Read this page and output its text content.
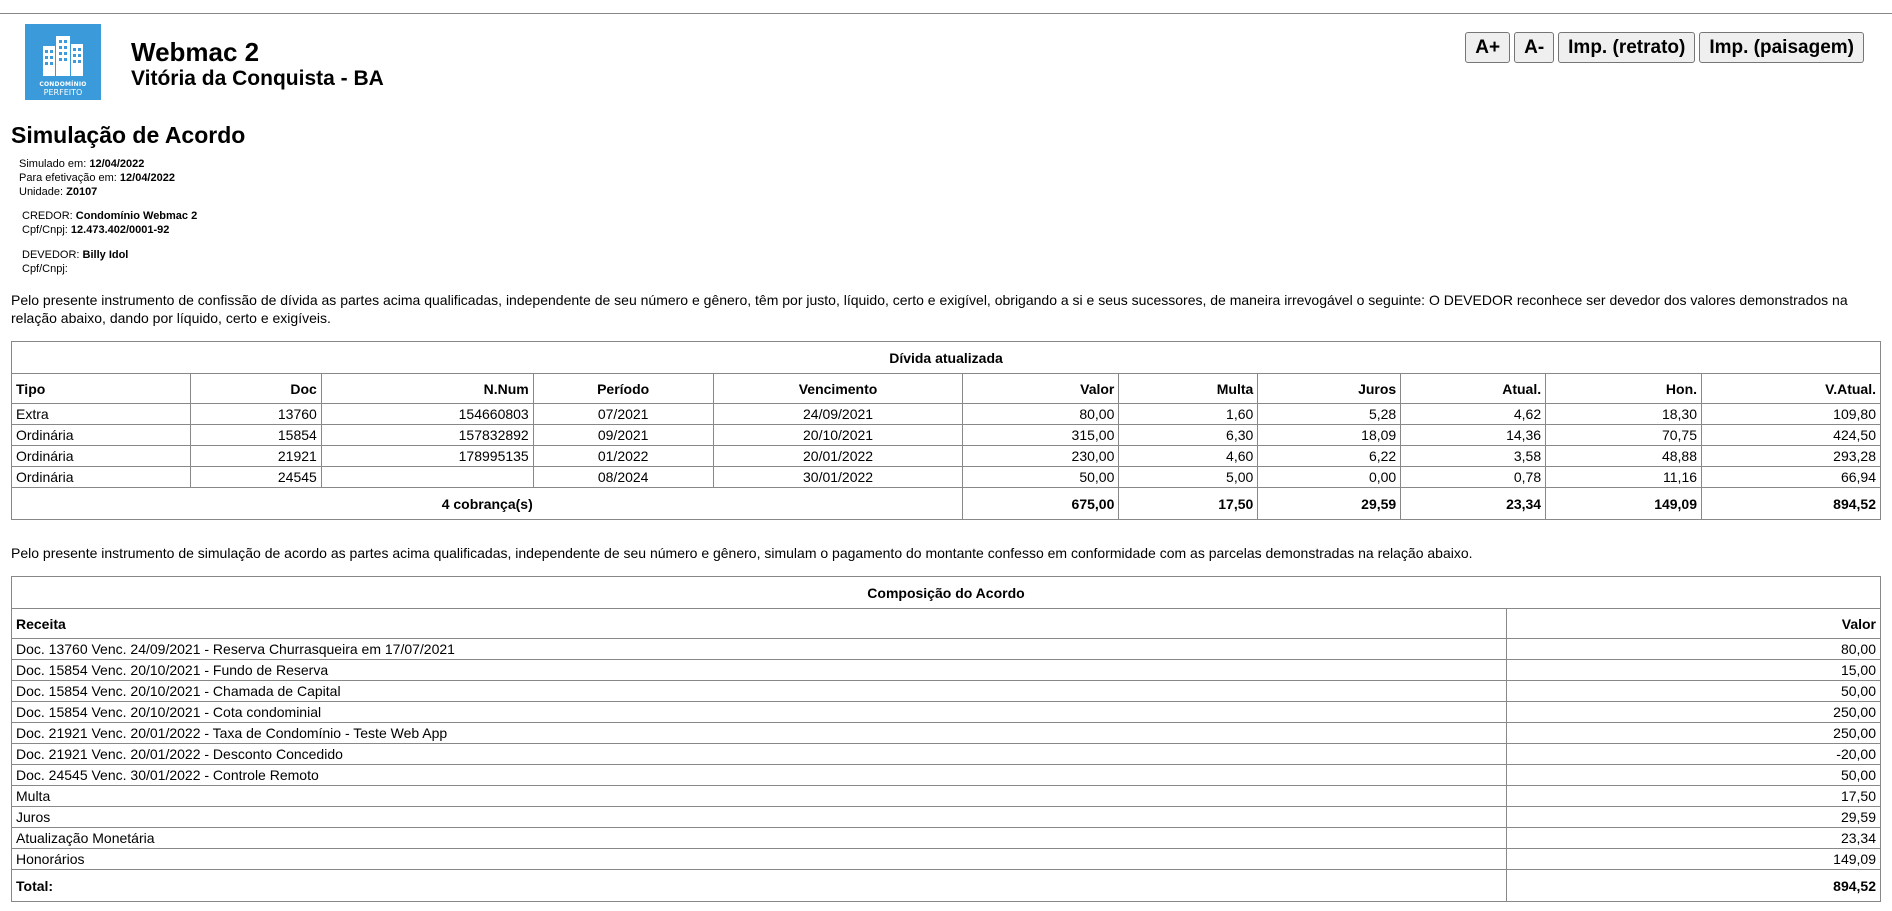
CONDOMÍNIO
PERFEITO
Webmac 2
Vitória da Conquista - BA
A+	A-	Imp. (retrato)	Imp. (paisagem)
Simulação de Acordo
Simulado em: 12/04/2022
Para efetivação em: 12/04/2022
Unidade: Z0107
CREDOR: Condomínio Webmac 2
Cpf/Cnpj: 12.473.402/0001-92
DEVEDOR: Billy Idol
Cpf/Cnpj:
Pelo presente instrumento de confissão de dívida as partes acima qualificadas, independente de seu número e gênero, têm por justo, líquido, certo e exigível, obrigando a si e seus sucessores, de maneira irrevogável o seguinte: O DEVEDOR reconhece ser devedor dos valores demonstrados na relação abaixo, dando por líquido, certo e exigíveis.
Dívida atualizada										
Tipo	Doc	N.Num	Período	Vencimento	Valor	Multa	Juros	Atual.	Hon.	V.Atual.
Extra	13760	154660803	07/2021	24/09/2021	80,00	1,60	5,28	4,62	18,30	109,80
Ordinária	15854	157832892	09/2021	20/10/2021	315,00	6,30	18,09	14,36	70,75	424,50
Ordinária	21921	178995135	01/2022	20/01/2022	230,00	4,60	6,22	3,58	48,88	293,28
Ordinária	24545		08/2024	30/01/2022	50,00	5,00	0,00	0,78	11,16	66,94
4 cobrança(s)					675,00	17,50	29,59	23,34	149,09	894,52
Pelo presente instrumento de simulação de acordo as partes acima qualificadas, independente de seu número e gênero, simulam o pagamento do montante confesso em conformidade com as parcelas demonstradas na relação abaixo.
Composição do Acordo	
Receita	Valor
Doc. 13760 Venc. 24/09/2021 - Reserva Churrasqueira em 17/07/2021	80,00
Doc. 15854 Venc. 20/10/2021 - Fundo de Reserva	15,00
Doc. 15854 Venc. 20/10/2021 - Chamada de Capital	50,00
Doc. 15854 Venc. 20/10/2021 - Cota condominial	250,00
Doc. 21921 Venc. 20/01/2022 - Taxa de Condomínio - Teste Web App	250,00
Doc. 21921 Venc. 20/01/2022 - Desconto Concedido	-20,00
Doc. 24545 Venc. 30/01/2022 - Controle Remoto	50,00
Multa	17,50
Juros	29,59
Atualização Monetária	23,34
Honorários	149,09
Total:	894,52
